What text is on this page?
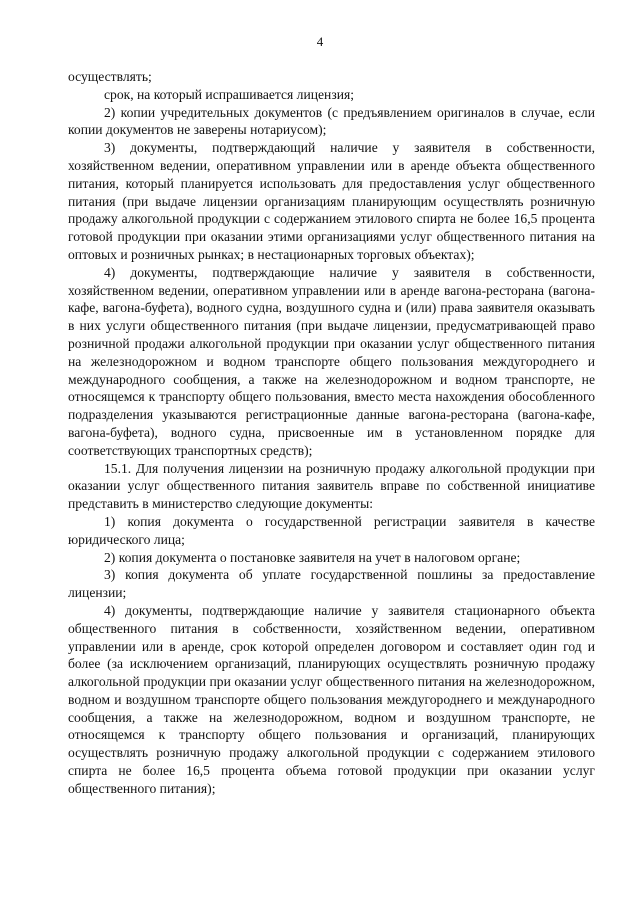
4

осуществлять;

срок, на который испрашивается лицензия;

2) копии учредительных документов (с предъявлением оригиналов в случае, если копии документов не заверены нотариусом);

3) документы, подтверждающий наличие у заявителя в собственности, хозяйственном ведении, оперативном управлении или в аренде объекта общественного питания, который планируется использовать для предоставления услуг общественного питания (при выдаче лицензии организациям планирующим осуществлять розничную продажу алкогольной продукции с содержанием этилового спирта не более 16,5 процента готовой продукции при оказании этими организациями услуг общественного питания на оптовых и розничных рынках; в нестационарных торговых объектах);

4) документы, подтверждающие наличие у заявителя в собственности, хозяйственном ведении, оперативном управлении или в аренде вагона-ресторана (вагона-кафе, вагона-буфета), водного судна, воздушного судна и (или) права заявителя оказывать в них услуги общественного питания (при выдаче лицензии, предусматривающей право розничной продажи алкогольной продукции при оказании услуг общественного питания на железнодорожном и водном транспорте общего пользования междугороднего и международного сообщения, а также на железнодорожном и водном транспорте, не относящемся к транспорту общего пользования, вместо места нахождения обособленного подразделения указываются регистрационные данные вагона-ресторана (вагона-кафе, вагона-буфета), водного судна, присвоенные им в установленном порядке для соответствующих транспортных средств);

15.1. Для получения лицензии на розничную продажу алкогольной продукции при оказании услуг общественного питания заявитель вправе по собственной инициативе представить в министерство следующие документы:

1) копия документа о государственной регистрации заявителя в качестве юридического лица;

2) копия документа о постановке заявителя на учет в налоговом органе;

3) копия документа об уплате государственной пошлины за предоставление лицензии;

4) документы, подтверждающие наличие у заявителя стационарного объекта общественного питания в собственности, хозяйственном ведении, оперативном управлении или в аренде, срок которой определен договором и составляет один год и более (за исключением организаций, планирующих осуществлять розничную продажу алкогольной продукции при оказании услуг общественного питания на железнодорожном, водном и воздушном транспорте общего пользования междугороднего и международного сообщения, а также на железнодорожном, водном и воздушном транспорте, не относящемся к транспорту общего пользования и организаций, планирующих осуществлять розничную продажу алкогольной продукции с содержанием этилового спирта не более 16,5 процента объема готовой продукции при оказании услуг общественного питания);
